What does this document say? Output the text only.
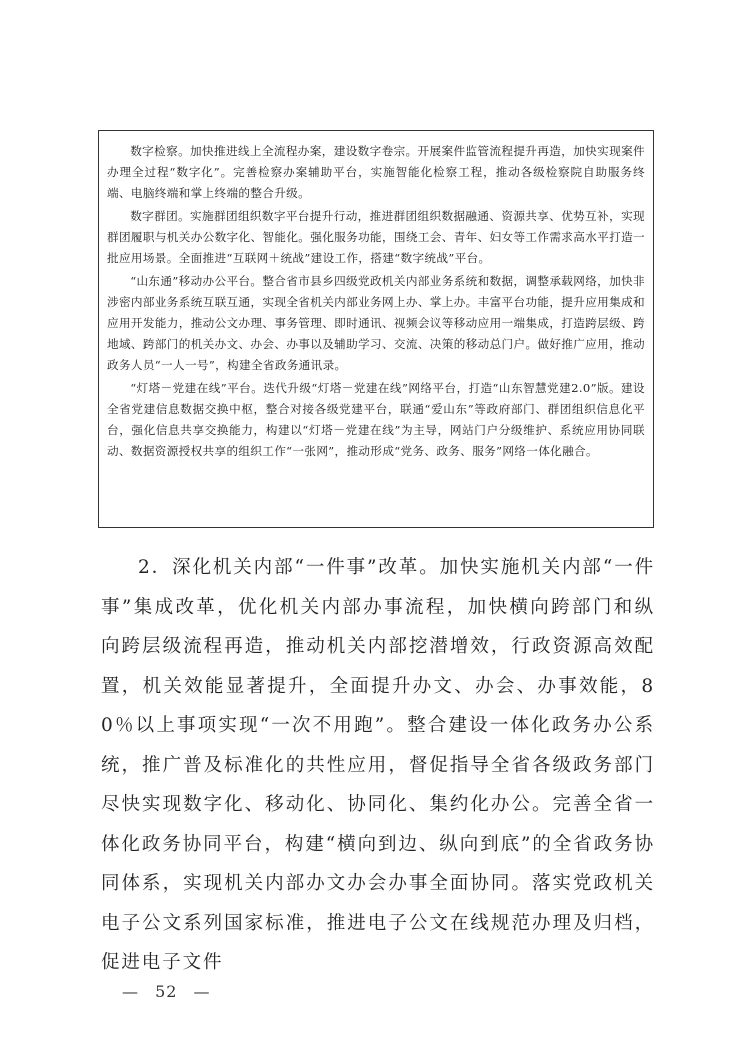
数字检察。加快推进线上全流程办案，建设数字卷宗。开展案件监管流程提升再造，加快实现案件办理全过程“数字化”。完善检察办案辅助平台，实施智能化检察工程，推动各级检察院自助服务终端、电脑终端和掌上终端的整合升级。

数字群团。实施群团组织数字平台提升行动，推进群团组织数据融通、资源共享、优势互补，实现群团履职与机关办公数字化、智能化。强化服务功能，围绕工会、青年、妇女等工作需求高水平打造一批应用场景。全面推进“互联网＋统战”建设工作，搭建“数字统战”平台。

“山东通”移动办公平台。整合省市县乡四级党政机关内部业务系统和数据，调整承载网络，加快非涉密内部业务系统互联互通，实现全省机关内部业务网上办、掌上办。丰富平台功能，提升应用集成和应用开发能力，推动公文办理、事务管理、即时通讯、视频会议等移动应用一端集成，打造跨层级、跨地域、跨部门的机关办文、办会、办事以及辅助学习、交流、决策的移动总门户。做好推广应用，推动政务人员“一人一号”，构建全省政务通讯录。

“灯塔－党建在线”平台。迭代升级“灯塔－党建在线”网络平台，打造“山东智慧党建2.0”版。建设全省党建信息数据交换中枢，整合对接各级党建平台，联通“爱山东”等政府部门、群团组织信息化平台，强化信息共享交换能力，构建以“灯塔－党建在线”为主导，网站门户分级维护、系统应用协同联动、数据资源授权共享的组织工作“一张网”，推动形成“党务、政务、服务”网络一体化融合。

2．深化机关内部“一件事”改革。加快实施机关内部“一件事”集成改革，优化机关内部办事流程，加快横向跨部门和纵向跨层级流程再造，推动机关内部挖潜增效，行政资源高效配置，机关效能显著提升，全面提升办文、办会、办事效能，80％以上事项实现“一次不用跑”。整合建设一体化政务办公系统，推广普及标准化的共性应用，督促指导全省各级政务部门尽快实现数字化、移动化、协同化、集约化办公。完善全省一体化政务协同平台，构建“横向到边、纵向到底”的全省政务协同体系，实现机关内部办文办会办事全面协同。落实党政机关电子公文系列国家标准，推进电子公文在线规范办理及归档，促进电子文件

— 52 —
